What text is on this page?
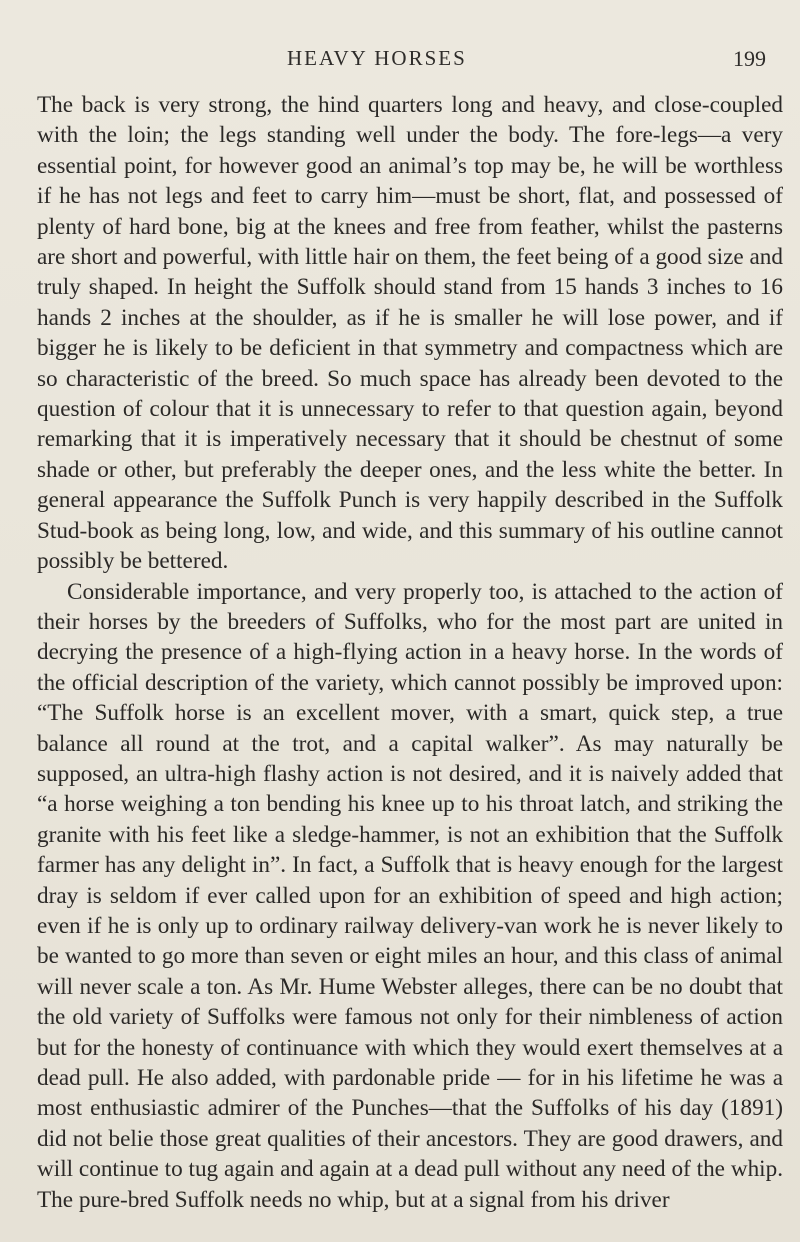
HEAVY HORSES	199

The back is very strong, the hind quarters long and heavy, and close-coupled with the loin; the legs standing well under the body. The fore-legs—a very essential point, for however good an animal’s top may be, he will be worthless if he has not legs and feet to carry him—must be short, flat, and possessed of plenty of hard bone, big at the knees and free from feather, whilst the pasterns are short and powerful, with little hair on them, the feet being of a good size and truly shaped. In height the Suffolk should stand from 15 hands 3 inches to 16 hands 2 inches at the shoulder, as if he is smaller he will lose power, and if bigger he is likely to be deficient in that symmetry and compactness which are so characteristic of the breed. So much space has already been devoted to the question of colour that it is unnecessary to refer to that question again, beyond remarking that it is imperatively necessary that it should be chestnut of some shade or other, but preferably the deeper ones, and the less white the better. In general appearance the Suffolk Punch is very happily described in the Suffolk Stud-book as being long, low, and wide, and this summary of his outline cannot possibly be bettered.

Considerable importance, and very properly too, is attached to the action of their horses by the breeders of Suffolks, who for the most part are united in decrying the presence of a high-flying action in a heavy horse. In the words of the official description of the variety, which cannot possibly be improved upon: “The Suffolk horse is an excellent mover, with a smart, quick step, a true balance all round at the trot, and a capital walker”. As may naturally be supposed, an ultra-high flashy action is not desired, and it is naively added that “a horse weighing a ton bending his knee up to his throat latch, and striking the granite with his feet like a sledge-hammer, is not an exhibition that the Suffolk farmer has any delight in”. In fact, a Suffolk that is heavy enough for the largest dray is seldom if ever called upon for an exhibition of speed and high action; even if he is only up to ordinary railway delivery-van work he is never likely to be wanted to go more than seven or eight miles an hour, and this class of animal will never scale a ton. As Mr. Hume Webster alleges, there can be no doubt that the old variety of Suffolks were famous not only for their nimbleness of action but for the honesty of continuance with which they would exert themselves at a dead pull. He also added, with pardonable pride — for in his lifetime he was a most enthusiastic admirer of the Punches—that the Suffolks of his day (1891) did not belie those great qualities of their ancestors. They are good drawers, and will continue to tug again and again at a dead pull without any need of the whip. The pure-bred Suffolk needs no whip, but at a signal from his driver
